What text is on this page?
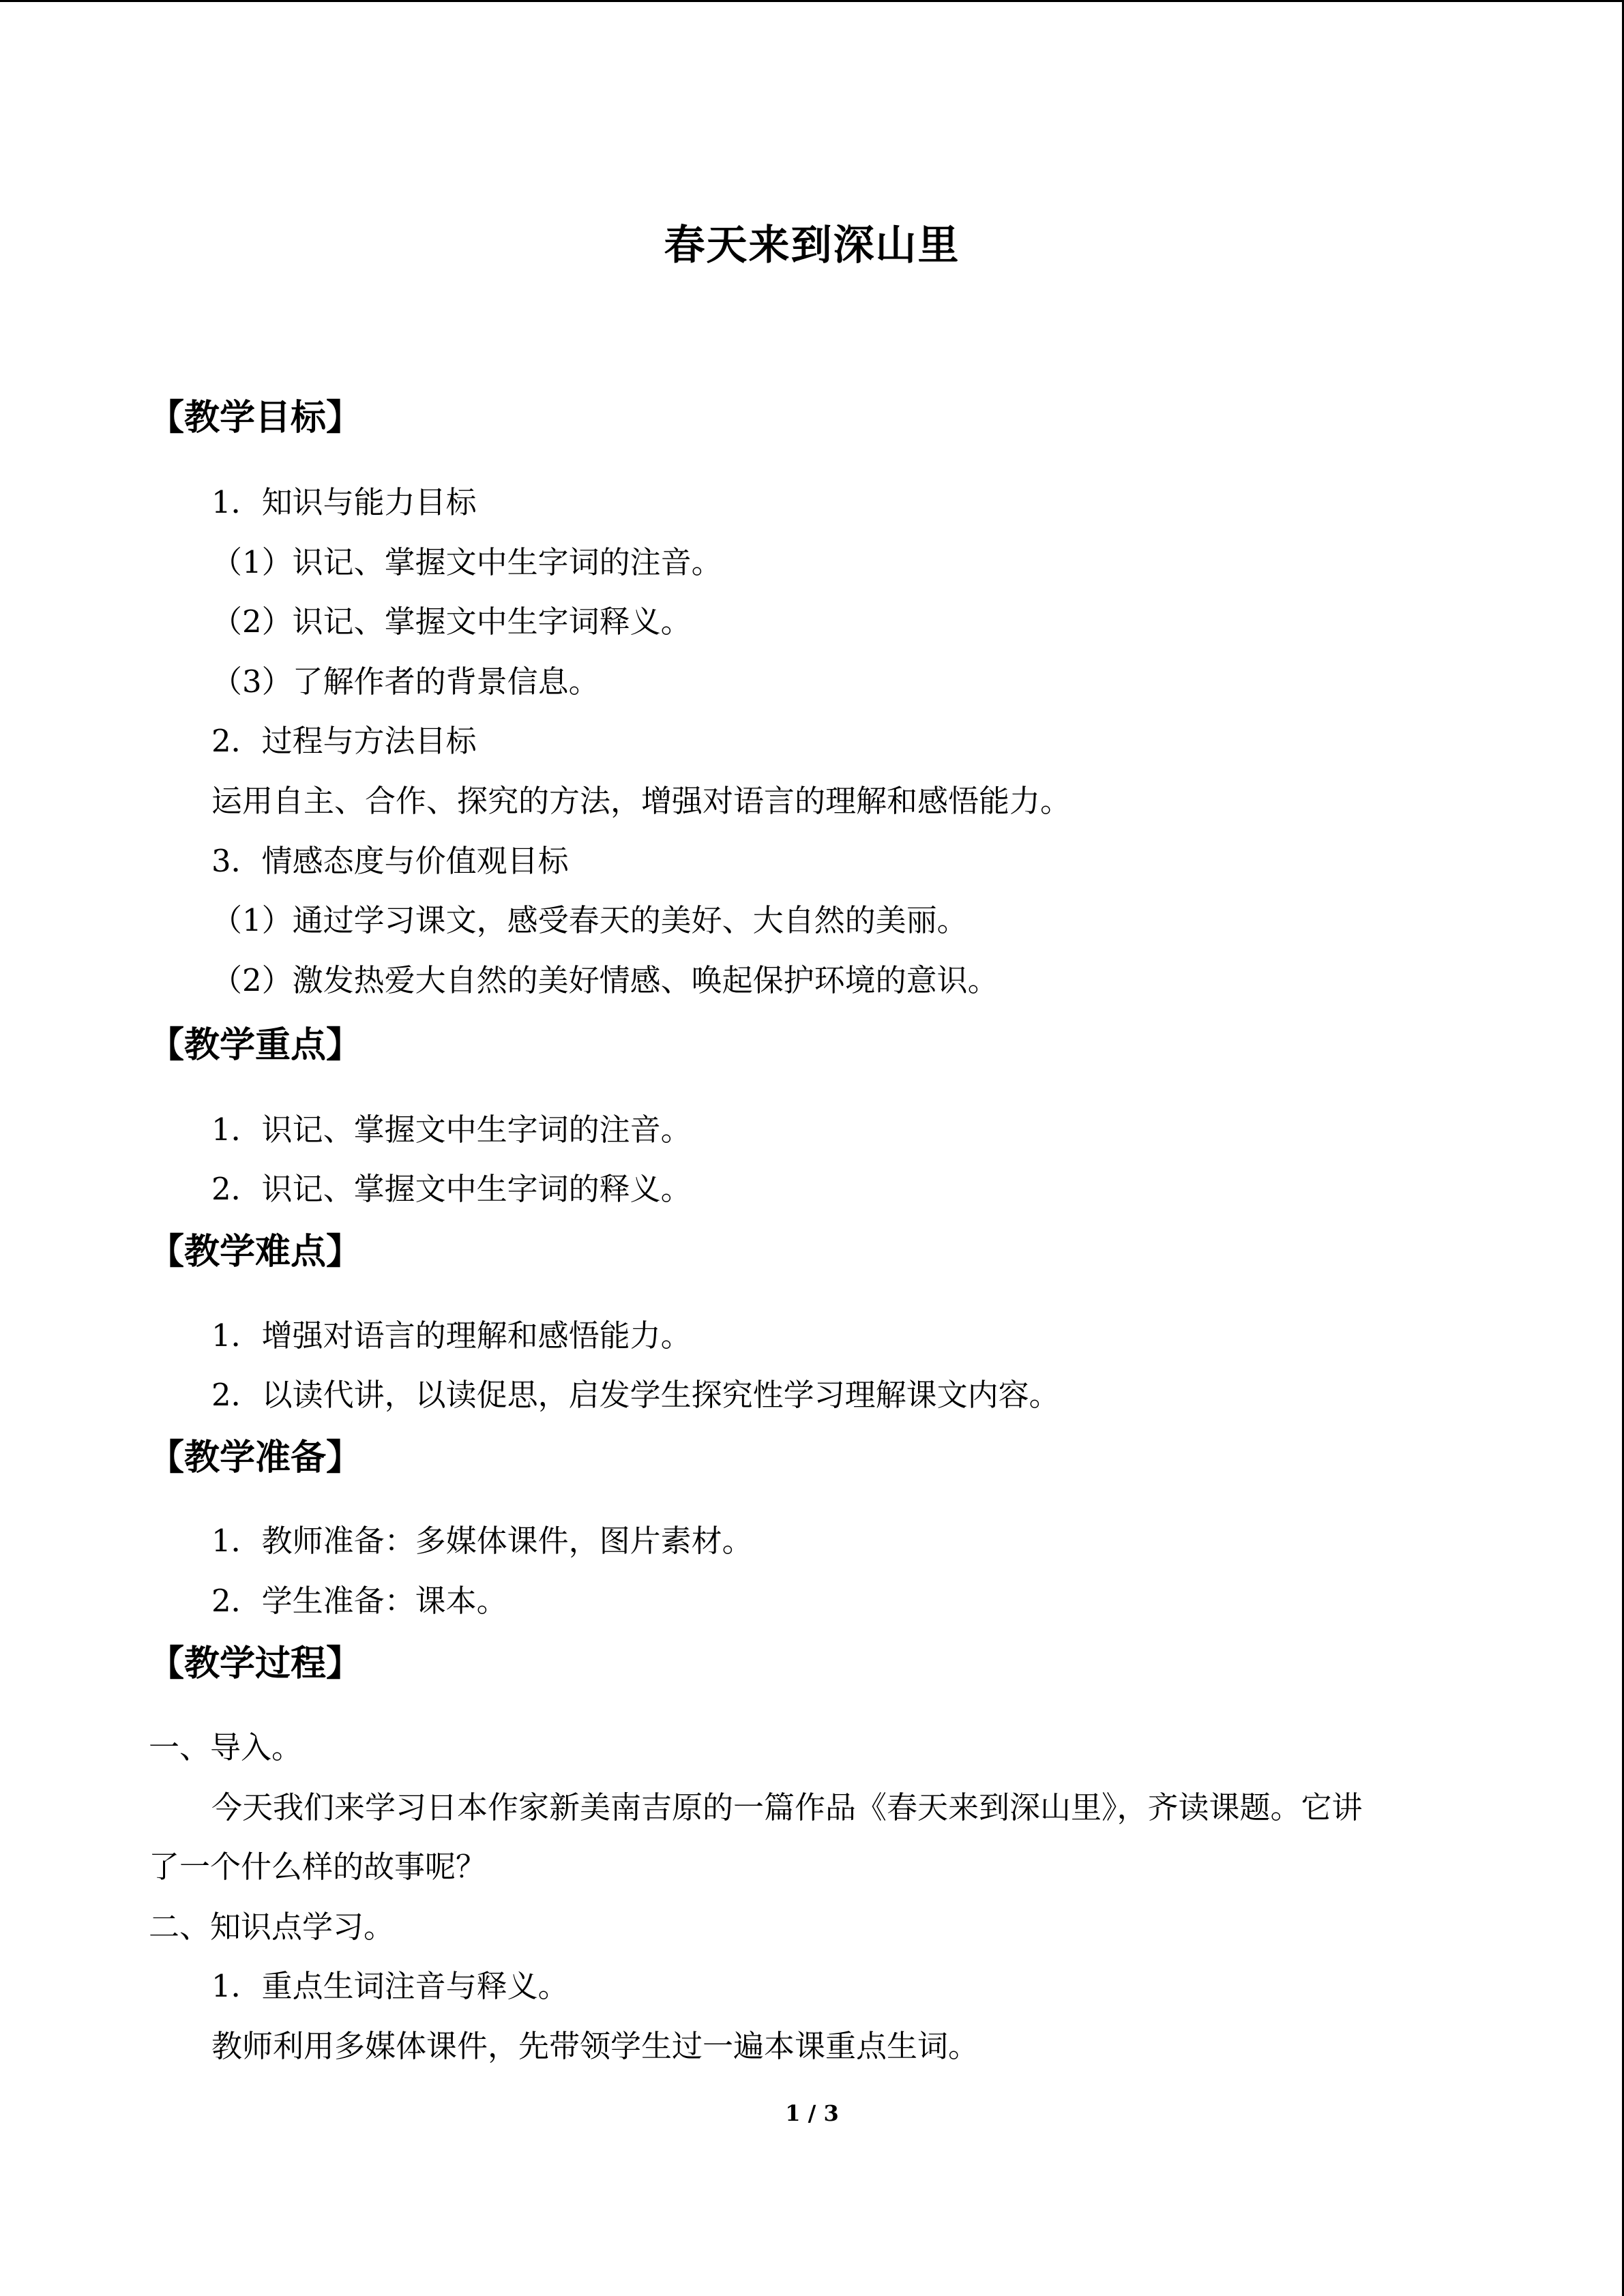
春天来到深山里
【教学目标】
1．知识与能力目标
（1）识记、掌握文中生字词的注音。
（2）识记、掌握文中生字词释义。
（3）了解作者的背景信息。
2．过程与方法目标
运用自主、合作、探究的方法，增强对语言的理解和感悟能力。
3．情感态度与价值观目标
（1）通过学习课文，感受春天的美好、大自然的美丽。
（2）激发热爱大自然的美好情感、唤起保护环境的意识。
【教学重点】
1．识记、掌握文中生字词的注音。
2．识记、掌握文中生字词的释义。
【教学难点】
1．增强对语言的理解和感悟能力。
2．以读代讲，以读促思，启发学生探究性学习理解课文内容。
【教学准备】
1．教师准备：多媒体课件，图片素材。
2．学生准备：课本。
【教学过程】
一、导入。
今天我们来学习日本作家新美南吉原的一篇作品《春天来到深山里》，齐读课题。它讲
了一个什么样的故事呢？
二、知识点学习。
1．重点生词注音与释义。
教师利用多媒体课件，先带领学生过一遍本课重点生词。
1 / 3
